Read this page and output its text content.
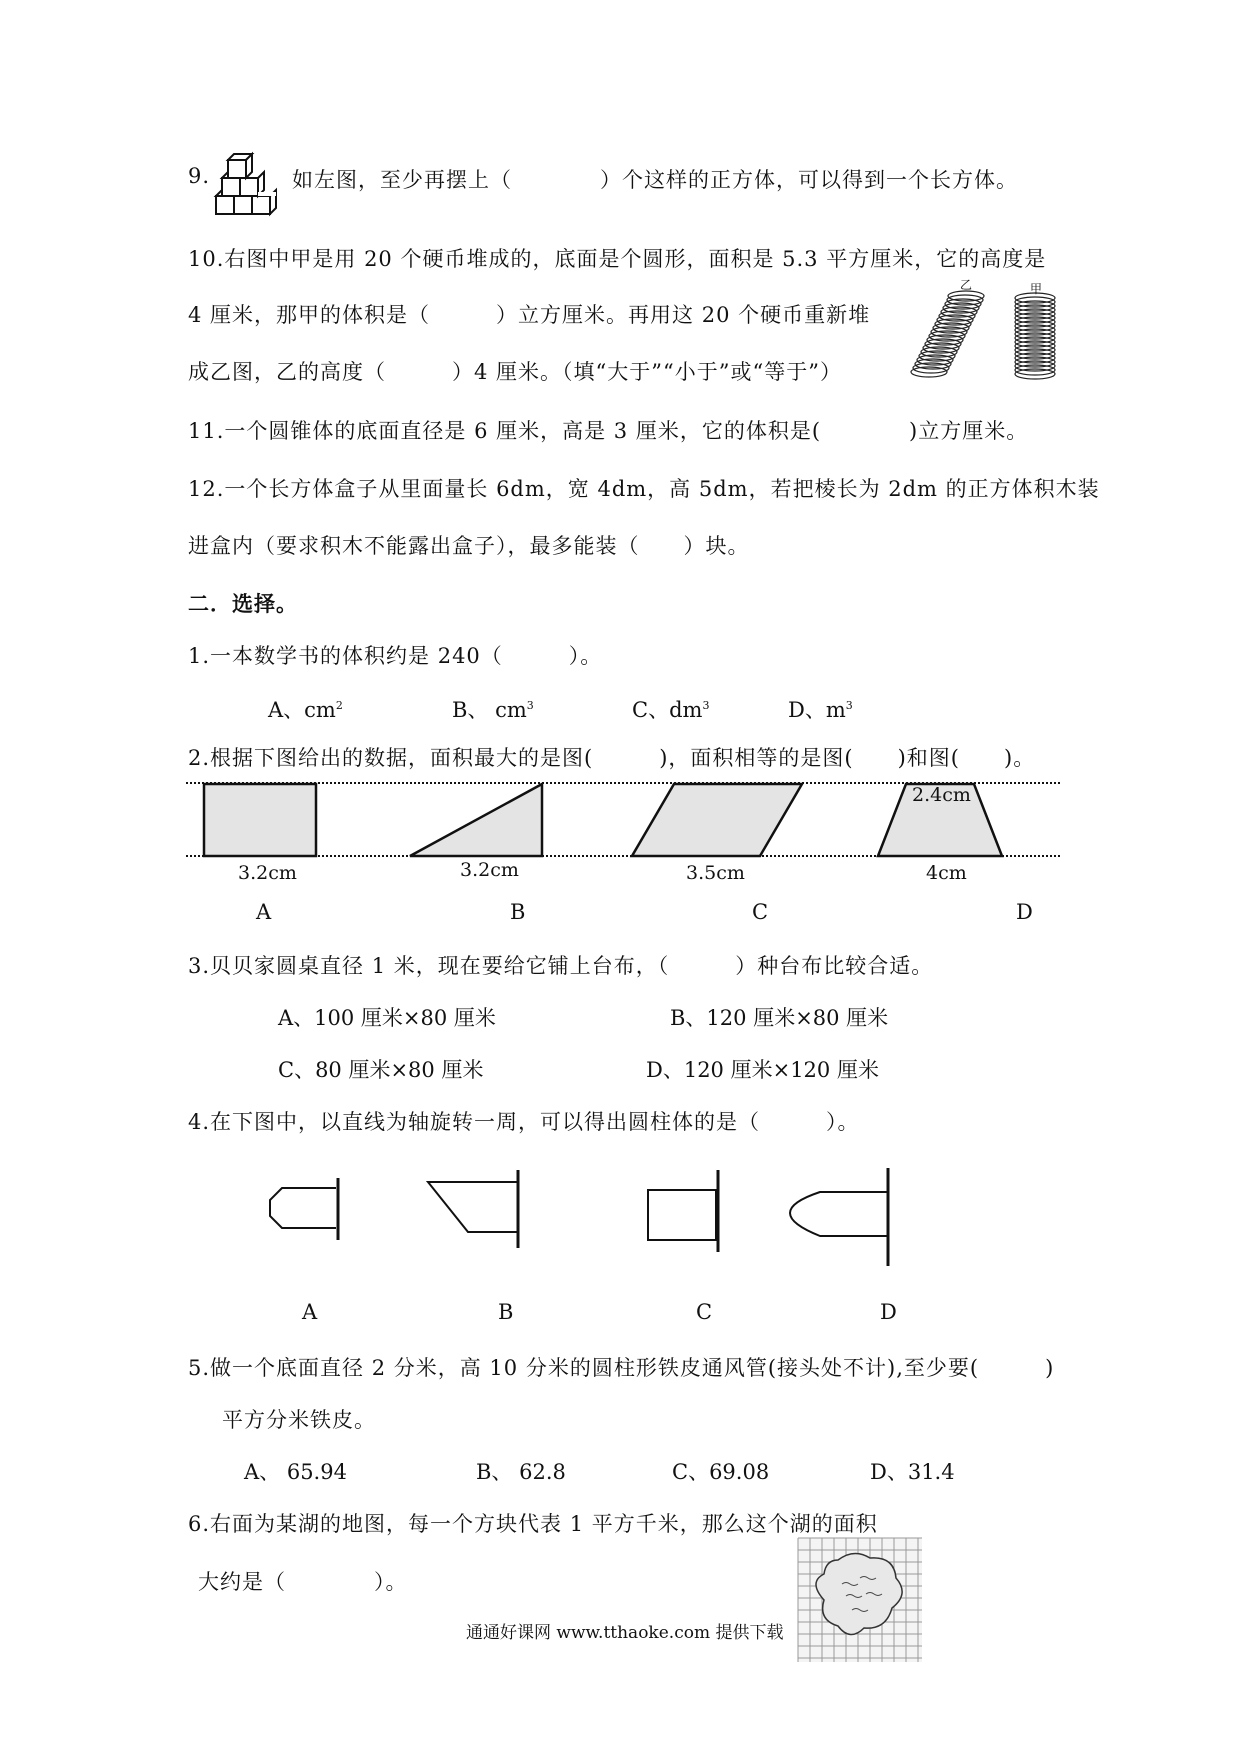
9.	如左图，至少再摆上（　　　　）个这样的正方体，可以得到一个长方体。
10.右图中甲是用 20 个硬币堆成的，底面是个圆形，面积是 5.3 平方厘米，它的高度是
4 厘米，那甲的体积是（　　　）立方厘米。再用这 20 个硬币重新堆
成乙图，乙的高度（　　　）4 厘米。（填“大于”“小于”或“等于”）
乙	甲
11.一个圆锥体的底面直径是 6 厘米，高是 3 厘米，它的体积是(　　　　)立方厘米。
12.一个长方体盒子从里面量长 6dm，宽 4dm，高 5dm，若把棱长为 2dm 的正方体积木装
进盒内（要求积木不能露出盒子），最多能装（　　）块。
二．选择。
1.一本数学书的体积约是 240（　　　）。
A、$cm^2$	B、 $cm^3$	C、$dm^3$	D、$m^3$
2.根据下图给出的数据，面积最大的是图(　　　)，面积相等的是图(　　)和图(　　)。
3.2cm	3.2cm	3.5cm	4cm
2.4cm
A	B	C	D
3.贝贝家圆桌直径 1 米，现在要给它铺上台布，（　　　）种台布比较合适。
A、100 厘米×80 厘米	B、120 厘米×80 厘米
C、80 厘米×80 厘米	D、120 厘米×120 厘米
4.在下图中，以直线为轴旋转一周，可以得出圆柱体的是（　　　）。
A	B	C	D
5.做一个底面直径 2 分米，高 10 分米的圆柱形铁皮通风管(接头处不计),至少要(　　　)
平方分米铁皮。
A、 65.94	B、 62.8	C、69.08	D、31.4
6.右面为某湖的地图，每一个方块代表 1 平方千米，那么这个湖的面积
大约是（　　　　）。
通通好课网 www.tthaoke.com 提供下载
